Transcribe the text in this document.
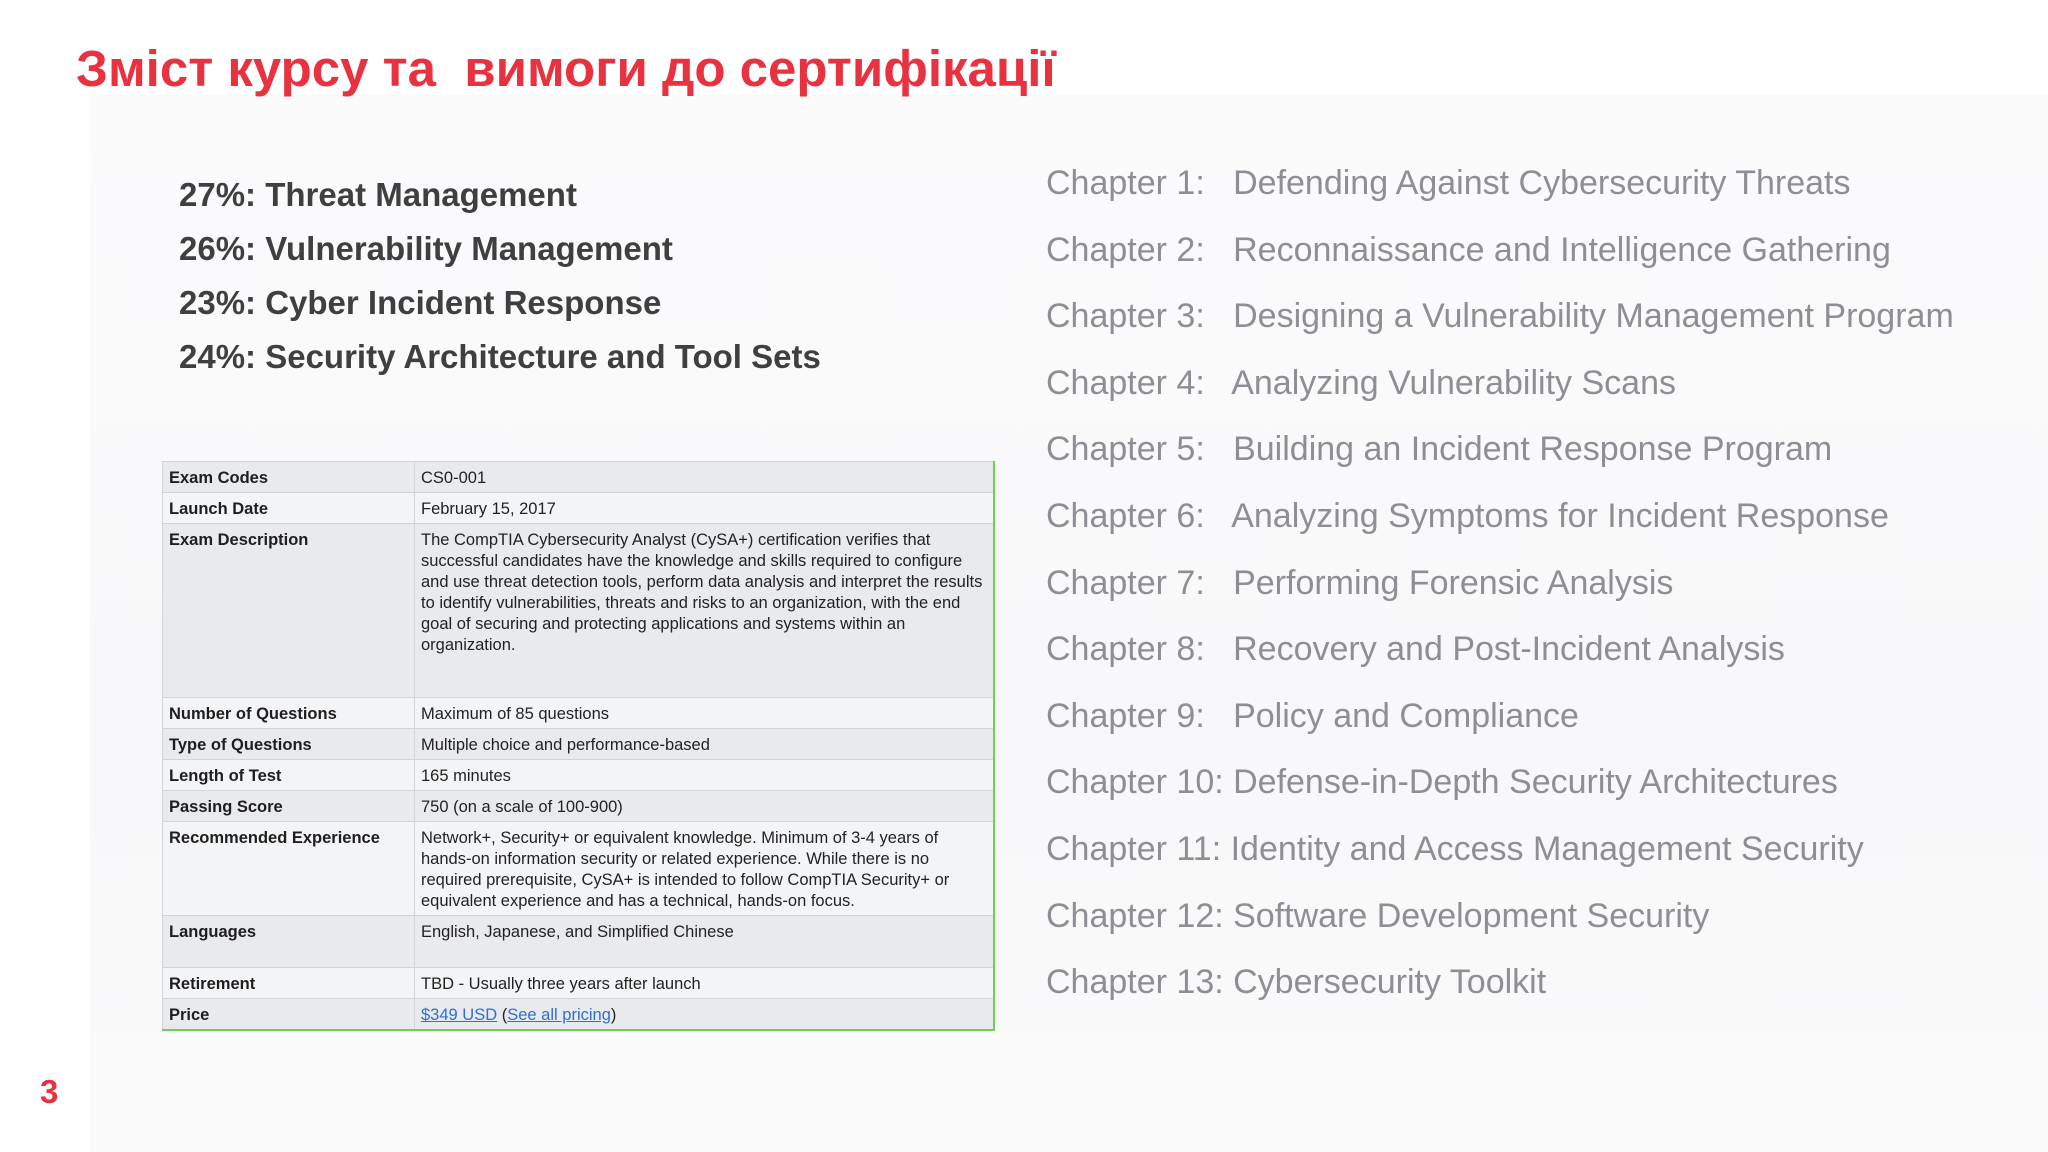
Зміст курсу та  вимоги до сертифікації
27%: Threat Management
26%: Vulnerability Management
23%: Cyber Incident Response
24%: Security Architecture and Tool Sets
Exam Codes	CS0-001
Launch Date	February 15, 2017
Exam Description	The CompTIA Cybersecurity Analyst (CySA+) certification verifies that successful candidates have the knowledge and skills required to configure and use threat detection tools, perform data analysis and interpret the results to identify vulnerabilities, threats and risks to an organization, with the end goal of securing and protecting applications and systems within an organization.
Number of Questions	Maximum of 85 questions
Type of Questions	Multiple choice and performance-based
Length of Test	165 minutes
Passing Score	750 (on a scale of 100-900)
Recommended Experience	Network+, Security+ or equivalent knowledge. Minimum of 3-4 years of hands-on information security or related experience. While there is no required prerequisite, CySA+ is intended to follow CompTIA Security+ or equivalent experience and has a technical, hands-on focus.
Languages	English, Japanese, and Simplified Chinese
Retirement	TBD - Usually three years after launch
Price	$349 USD (See all pricing)
Chapter 1:   Defending Against Cybersecurity Threats
Chapter 2:   Reconnaissance and Intelligence Gathering
Chapter 3:   Designing a Vulnerability Management Program
Chapter 4:   Analyzing Vulnerability Scans
Chapter 5:   Building an Incident Response Program
Chapter 6:   Analyzing Symptoms for Incident Response
Chapter 7:   Performing Forensic Analysis
Chapter 8:   Recovery and Post-Incident Analysis
Chapter 9:   Policy and Compliance
Chapter 10: Defense-in-Depth Security Architectures
Chapter 11: Identity and Access Management Security
Chapter 12: Software Development Security
Chapter 13: Cybersecurity Toolkit
3
